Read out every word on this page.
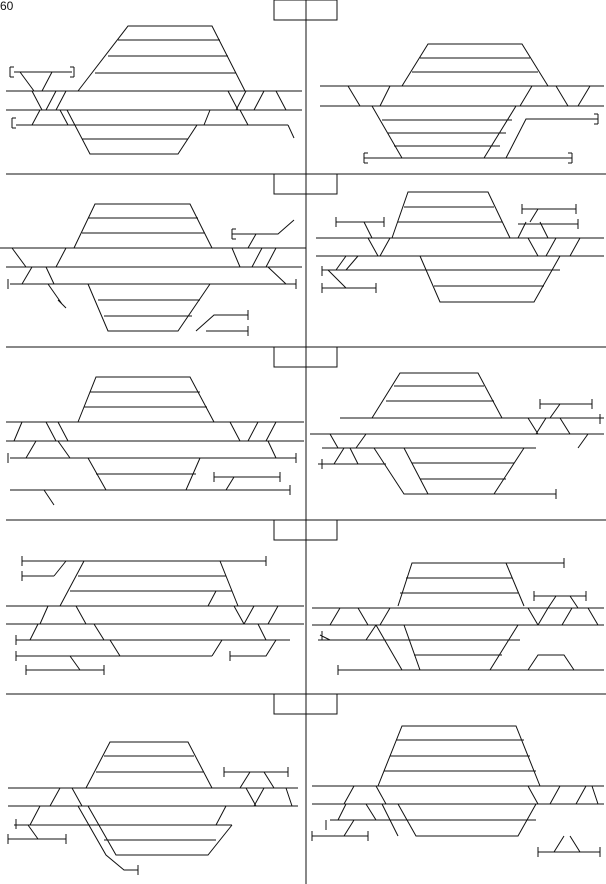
60
